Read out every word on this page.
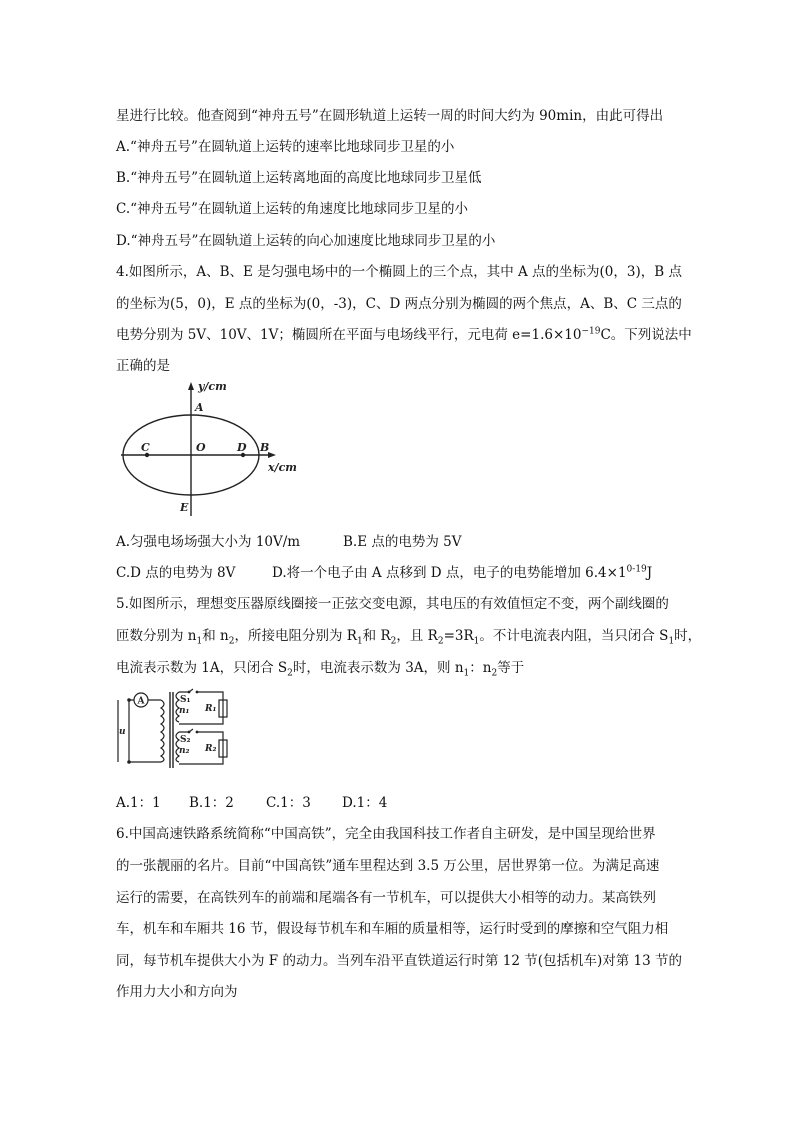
星进行比较。他查阅到“神舟五号”在圆形轨道上运转一周的时间大约为 90min，由此可得出
A.“神舟五号”在圆轨道上运转的速率比地球同步卫星的小
B.“神舟五号”在圆轨道上运转离地面的高度比地球同步卫星低
C.“神舟五号”在圆轨道上运转的角速度比地球同步卫星的小
D.“神舟五号”在圆轨道上运转的向心加速度比地球同步卫星的小
4.如图所示，A、B、E 是匀强电场中的一个椭圆上的三个点，其中 A 点的坐标为(0，3)，B 点
的坐标为(5，0)，E 点的坐标为(0，-3)，C、D 两点分别为椭圆的两个焦点，A、B、C 三点的
电势分别为 5V、10V、1V；椭圆所在平面与电场线平行，元电荷 $e=1.6\times 10^{-19}C$。下列说法中
正确的是
y/cm
x/cm
A
B
C	D
O
E
A.匀强电场场强大小为 10V/m	B.E 点的电势为 5V
C.D 点的电势为 8V	D.将一个电子由 A 点移到 D 点，电子的电势能增加 $6.4\times 1^{0-19}J$
5.如图所示，理想变压器原线圈接一正弦交变电源，其电压的有效值恒定不变，两个副线圈的
匝数分别为 $n_1$和 $n_2$，所接电阻分别为 $R_1$和 $R_2$，且 $R_2=3R_1$。不计电流表内阻，当只闭合 $S_1$时，
电流表示数为 1A，只闭合 $S_2$时，电流表示数为 3A，则 $n_1$：$n_2$等于
A
u
S₁
n₁ R₁
S₂
n₂ R₂
A.1：1 B.1：2 C.1：3 D.1：4
6.中国高速铁路系统简称“中国高铁”，完全由我国科技工作者自主研发，是中国呈现给世界
的一张靓丽的名片。目前“中国高铁”通车里程达到 3.5 万公里，居世界第一位。为满足高速
运行的需要，在高铁列车的前端和尾端各有一节机车，可以提供大小相等的动力。某高铁列
车，机车和车厢共 16 节，假设每节机车和车厢的质量相等，运行时受到的摩擦和空气阻力相
同，每节机车提供大小为 F 的动力。当列车沿平直铁道运行时第 12 节(包括机车)对第 13 节的
作用力大小和方向为
